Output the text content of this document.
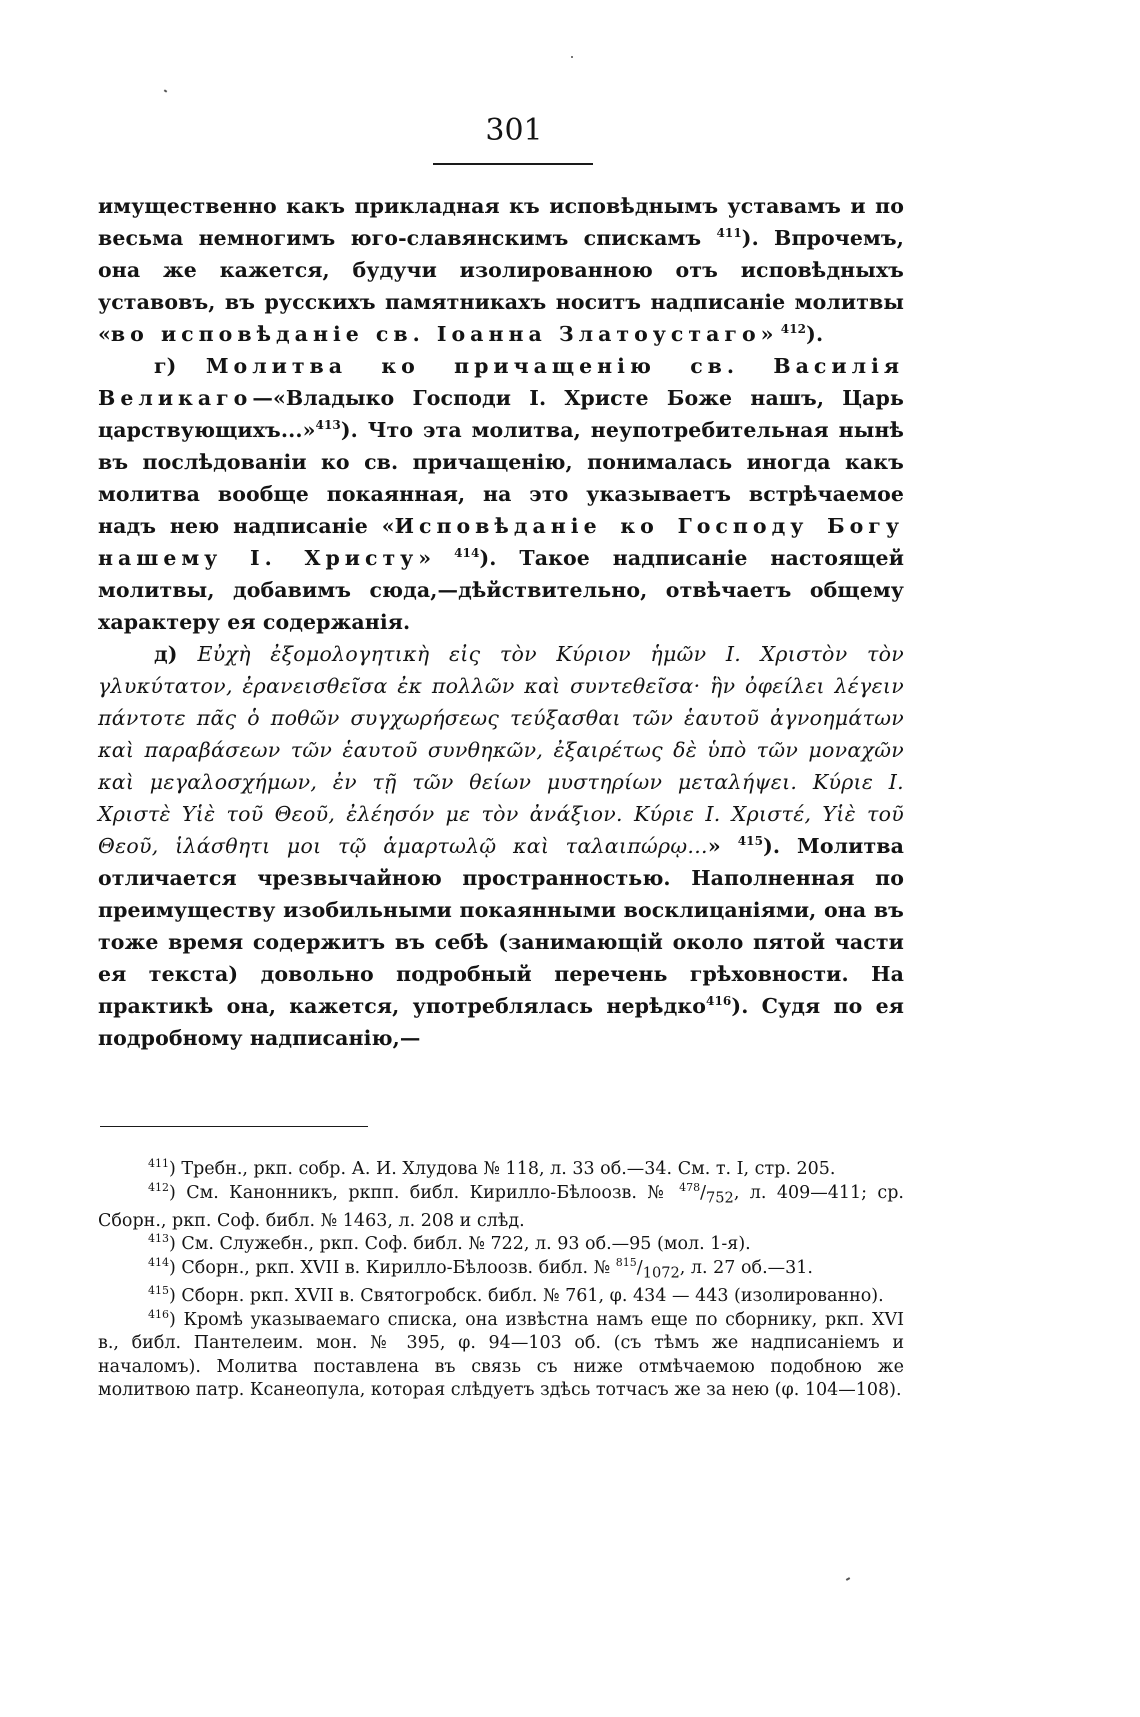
301

имущественно какъ прикладная къ исповѣднымъ уставамъ и по весьма немногимъ юго-славянскимъ спискамъ $^{411}$). Впрочемъ, она же кажется, будучи изолированною отъ исповѣдныхъ уставовъ, въ русскихъ памятникахъ носитъ надписаніе молитвы «во исповѣданіе св. Іоанна Златоустаго» $^{412}$).

г) Молитва ко причащенію св. Василія Великаго—«Владыко Господи І. Христе Боже нашъ, Царь царствующихъ...»$^{413}$). Что эта молитва, неупотребительная нынѣ въ послѣдованіи ко св. причащенію, понималась иногда какъ молитва вообще покаянная, на это указываетъ встрѣчаемое надъ нею надписаніе «Исповѣданіе ко Господу Богу нашему І. Христу» $^{414}$). Такое надписаніе настоящей молитвы, добавимъ сюда,—дѣйствительно, отвѣчаетъ общему характеру ея содержанія.

д) Εὐχὴ ἐξομολογητικὴ εἰς τὸν Κύριον ἡμῶν Ι. Χριστὸν τὸν γλυκύτατον, ἐρανεισθεῖσα ἐκ πολλῶν καὶ συντεθεῖσα· ἣν ὀφείλει λέγειν πάντοτε πᾶς ὁ ποθῶν συγχωρήσεως τεύξασθαι τῶν ἑαυτοῦ ἀγνοημάτων καὶ παραβάσεων τῶν ἑαυτοῦ συνθηκῶν, ἐξαιρέτως δὲ ὑπὸ τῶν μοναχῶν καὶ μεγαλοσχήμων, ἐν τῇ τῶν θείων μυστηρίων μεταλήψει. Κύριε Ι. Χριστὲ Υἱὲ τοῦ Θεοῦ, ἐλέησόν με τὸν ἀνάξιον. Κύριε Ι. Χριστέ, Υἱὲ τοῦ Θεοῦ, ἱλάσθητι μοι τῷ ἁμαρτωλῷ καὶ ταλαιπώρῳ...» $^{415}$). Молитва отличается чрезвычайною пространностью. Наполненная по преимуществу изобильными покаянными восклицаніями, она въ тоже время содержитъ въ себѣ (занимающій около пятой части ея текста) довольно подробный перечень грѣховности. На практикѣ она, кажется, употреблялась нерѣдко$^{416}$). Судя по ея подробному надписанію,—

$^{411}$) Требн., ркп. собр. А. И. Хлудова № 118, л. 33 об.—34. См. т. І, стр. 205.

$^{412}$) См. Канонникъ, ркпп. библ. Кирилло-Бѣлоозв. № $^{478}/_{752}$, л. 409—411; ср. Сборн., ркп. Соф. библ. № 1463, л. 208 и слѣд.

$^{413}$) См. Служебн., ркп. Соф. библ. № 722, л. 93 об.—95 (мол. 1-я).

$^{414}$) Сборн., ркп. XVII в. Кирилло-Бѣлоозв. библ. № $^{815}/_{1072}$, л. 27 об.—31.

$^{415}$) Сборн. ркп. XVII в. Святогробск. библ. № 761, φ. 434 — 443 (изолированно).

$^{416}$) Кромѣ указываемаго списка, она извѣстна намъ еще по сборнику, ркп. XVI в., библ. Пантелеим. мон. № 395, φ. 94—103 об. (съ тѣмъ же надписаніемъ и началомъ). Молитва поставлена въ связь съ ниже отмѣчаемою подобною же молитвою патр. Ксанеопула, которая слѣдуетъ здѣсь тотчасъ же за нею (φ. 104—108).
